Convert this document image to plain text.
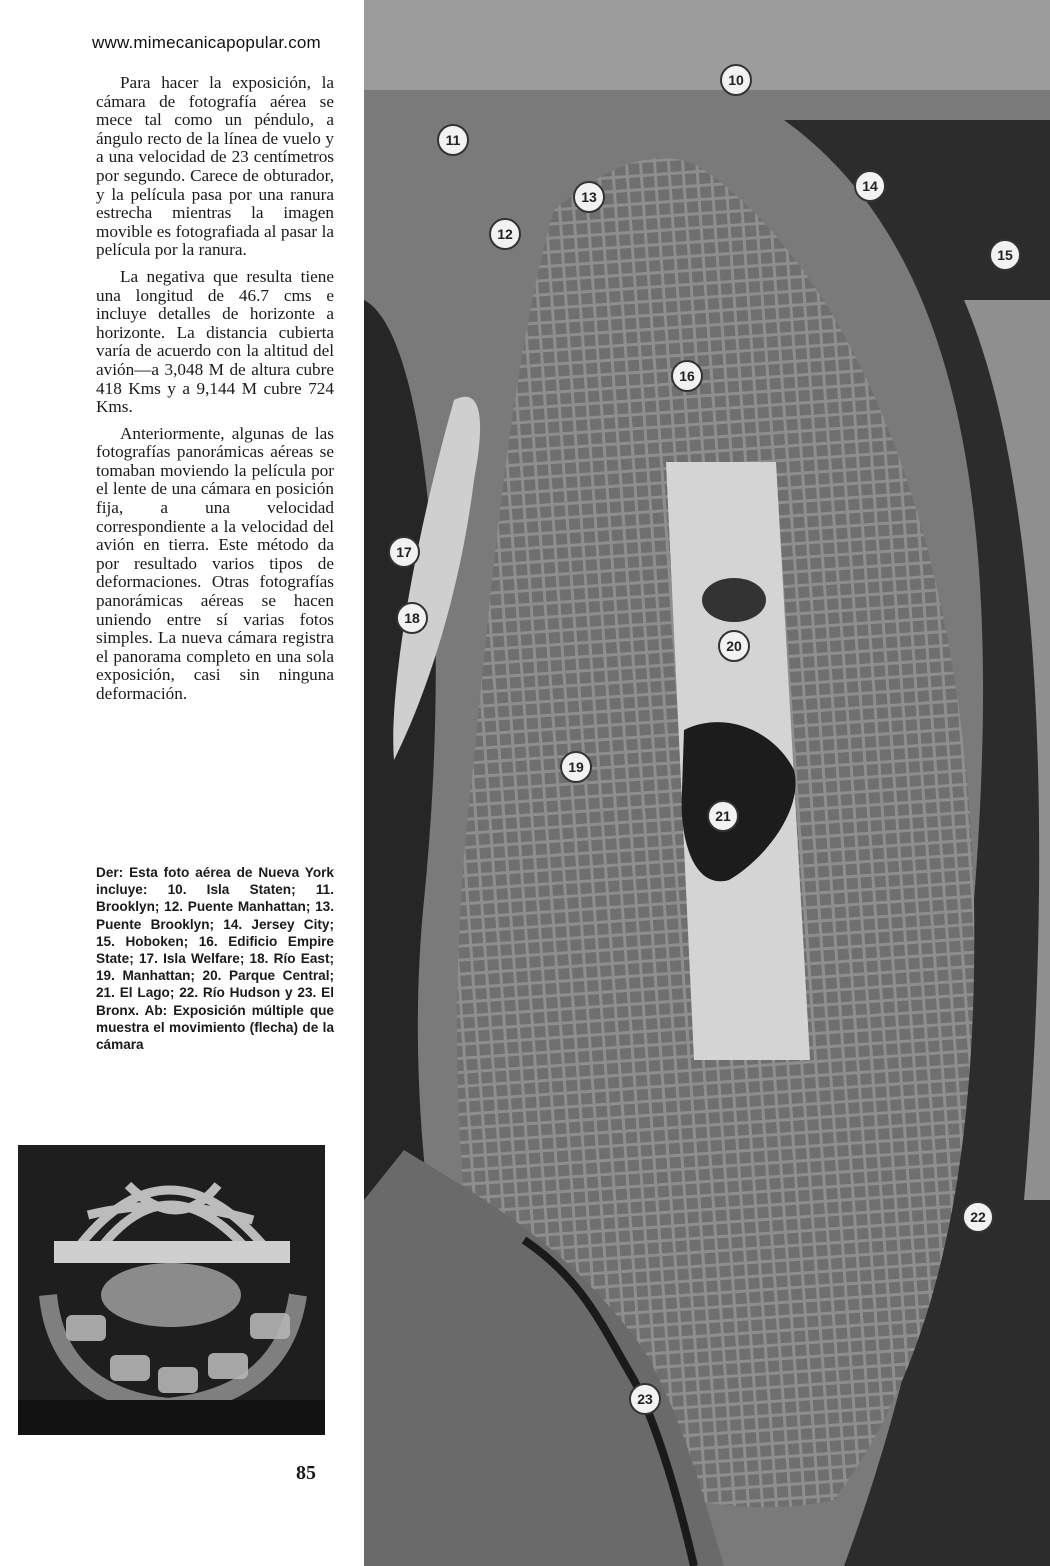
www.mimecanicapopular.com

Para hacer la exposición, la cámara de fotografía aérea se mece tal como un péndulo, a ángulo recto de la línea de vuelo y a una velocidad de 23 centímetros por segundo. Carece de obturador, y la película pasa por una ranura estrecha mientras la imagen movible es fotografiada al pasar la película por la ranura.

La negativa que resulta tiene una longitud de 46.7 cms e incluye detalles de horizonte a horizonte. La distancia cubierta varía de acuerdo con la altitud del avión—a 3,048 M de altura cubre 418 Kms y a 9,144 M cubre 724 Kms.

Anteriormente, algunas de las fotografías panorámicas aéreas se tomaban moviendo la película por el lente de una cámara en posición fija, a una velocidad correspondiente a la velocidad del avión en tierra. Este método da por resultado varios tipos de deformaciones. Otras fotografías panorámicas aéreas se hacen uniendo entre sí varias fotos simples. La nueva cámara registra el panorama completo en una sola exposición, casi sin ninguna deformación.

Der: Esta foto aérea de Nueva York incluye: 10. Isla Staten; 11. Brooklyn; 12. Puente Manhattan; 13. Puente Brooklyn; 14. Jersey City; 15. Hoboken; 16. Edificio Empire State; 17. Isla Welfare; 18. Río East; 19. Manhattan; 20. Parque Central; 21. El Lago; 22. Río Hudson y 23. El Bronx. Ab: Exposición múltiple que muestra el movimiento (flecha) de la cámara
85
10
11
12
13
14
15
16
17
18
19
20
21
22
23
